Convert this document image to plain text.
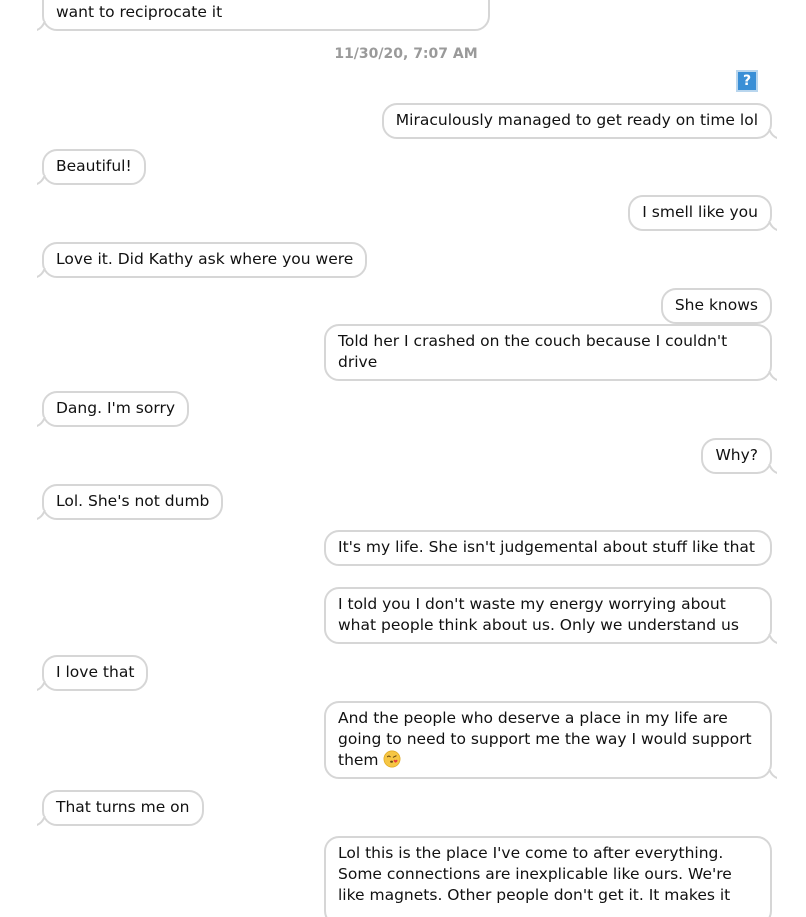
want to reciprocate it
11/30/20, 7:07 AM
?
Miraculously managed to get ready on time lol
Beautiful!
I smell like you
Love it. Did Kathy ask where you were
She knows
Told her I crashed on the couch because I couldn't drive
Dang. I'm sorry
Why?
Lol. She's not dumb
It's my life. She isn't judgemental about stuff like that
I told you I don't waste my energy worrying about what people think about us. Only we understand us
I love that
And the people who deserve a place in my life are going to need to support me the way I would support them
That turns me on
Lol this is the place I've come to after everything. Some connections are inexplicable like ours. We're like magnets. Other people don't get it. It makes it
